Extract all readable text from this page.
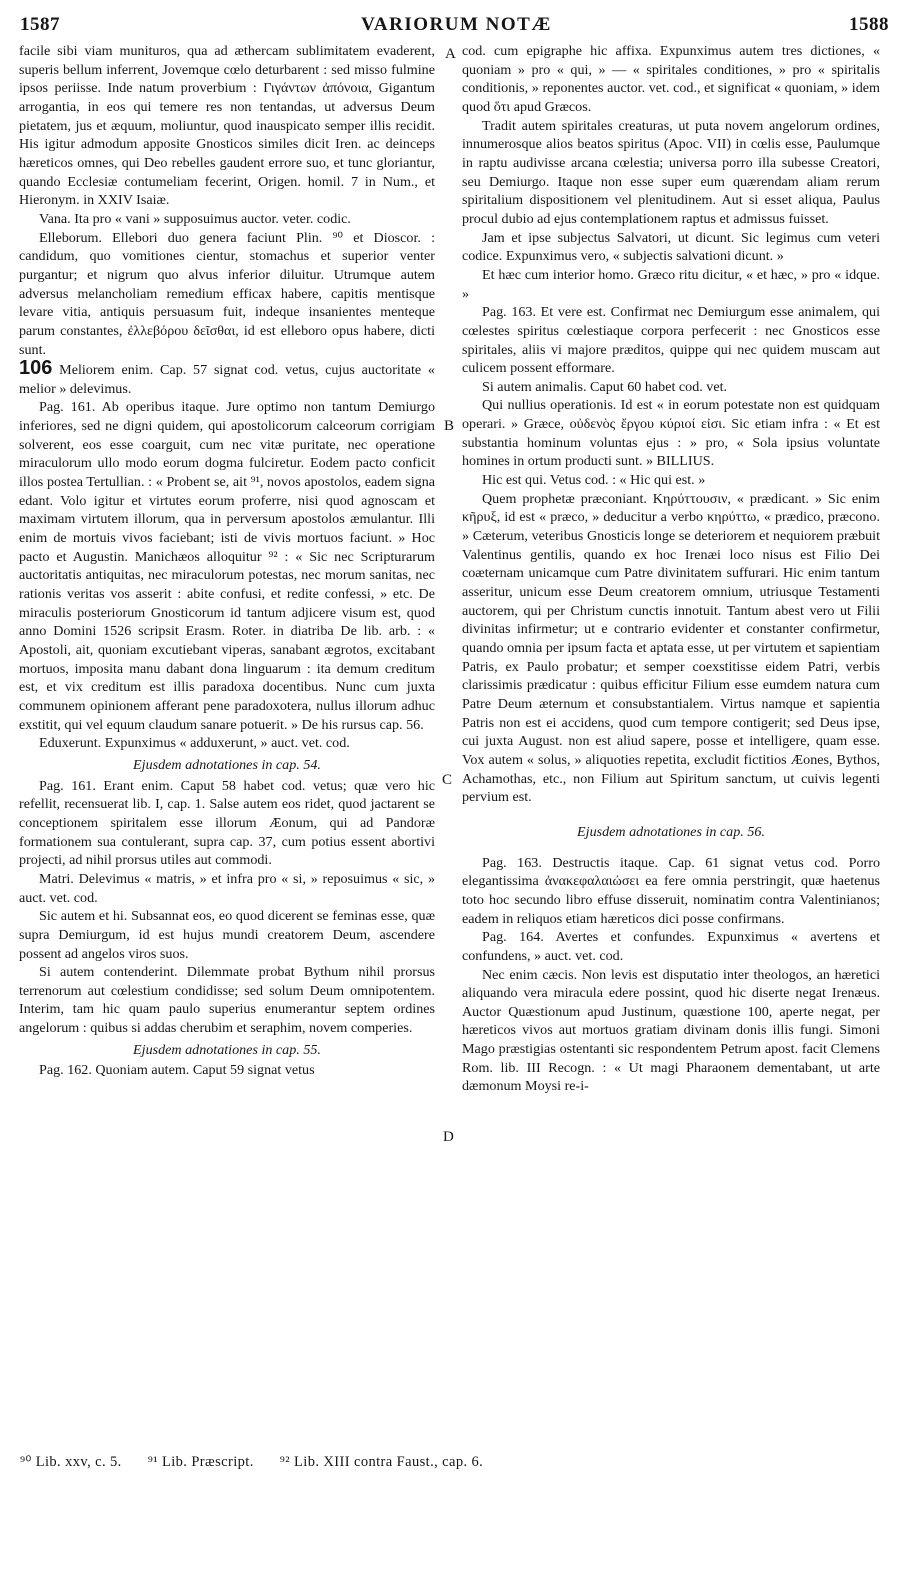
1587	VARIORUM NOTÆ	1588
A
B
C
D

facile sibi viam munituros, qua ad æthercam sublimitatem evaderent, superis bellum inferrent, Jovemque cœlo deturbarent : sed misso fulmine ipsos periisse. Inde natum proverbium : Γιγάντων ἀπόνοια, Gigantum arrogantia, in eos qui temere res non tentandas, ut adversus Deum pietatem, jus et æquum, moliuntur, quod inauspicato semper illis recidit. His igitur admodum apposite Gnosticos similes dicit Iren. ac deinceps hæreticos omnes, qui Deo rebelles gaudent errore suo, et tunc gloriantur, quando Ecclesiæ contumeliam fecerint, Origen. homil. 7 in Num., et Hieronym. in XXIV Isaiæ.

Vana. Ita pro « vani » supposuimus auctor. veter. codic.

Elleborum. Ellebori duo genera faciunt Plin. ⁹⁰ et Dioscor. : candidum, quo vomitiones cientur, stomachus et superior venter purgantur; et nigrum quo alvus inferior diluitur. Utrumque autem adversus melancholiam remedium efficax habere, capitis mentisque levare vitia, antiquis persuasum fuit, indeque insanientes menteque parum constantes, ἐλλεβόρου δεῖσθαι, id est elleboro opus habere, dicti sunt.

106 Meliorem enim. Cap. 57 signat cod. vetus, cujus auctoritate « melior » delevimus.

Pag. 161. Ab operibus itaque. Jure optimo non tantum Demiurgo inferiores, sed ne digni quidem, qui apostolicorum calceorum corrigiam solverent, eos esse coarguit, cum nec vitæ puritate, nec operatione miraculorum ullo modo eorum dogma fulciretur. Eodem pacto conficit illos postea Tertullian. : « Probent se, ait ⁹¹, novos apostolos, eadem signa edant. Volo igitur et virtutes eorum proferre, nisi quod agnoscam et maximam virtutem illorum, qua in perversum apostolos æmulantur. Illi enim de mortuis vivos faciebant; isti de vivis mortuos faciunt. » Hoc pacto et Augustin. Manichæos alloquitur ⁹² : « Sic nec Scripturarum auctoritatis antiquitas, nec miraculorum potestas, nec morum sanitas, nec rationis veritas vos asserit : abite confusi, et redite confessi, » etc. De miraculis posteriorum Gnosticorum id tantum adjicere visum est, quod anno Domini 1526 scripsit Erasm. Roter. in diatriba De lib. arb. : « Apostoli, ait, quoniam excutiebant viperas, sanabant ægrotos, excitabant mortuos, imposita manu dabant dona linguarum : ita demum creditum est, et vix creditum est illis paradoxa docentibus. Nunc cum juxta communem opinionem afferant pene paradoxotera, nullus illorum adhuc exstitit, qui vel equum claudum sanare potuerit. » De his rursus cap. 56.

Eduxerunt. Expunximus « adduxerunt, » auct. vet. cod.

Ejusdem adnotationes in cap. 54.

Pag. 161. Erant enim. Caput 58 habet cod. vetus; quæ vero hic refellit, recensuerat lib. I, cap. 1. Salse autem eos ridet, quod jactarent se conceptionem spiritalem esse illorum Æonum, qui ad Pandoræ formationem sua contulerant, supra cap. 37, cum potius essent abortivi projecti, ad nihil prorsus utiles aut commodi.

Matri. Delevimus « matris, » et infra pro « si, » reposuimus « sic, » auct. vet. cod.

Sic autem et hi. Subsannat eos, eo quod dicerent se feminas esse, quæ supra Demiurgum, id est hujus mundi creatorem Deum, ascendere possent ad angelos viros suos.

Si autem contenderint. Dilemmate probat Bythum nihil prorsus terrenorum aut cœlestium condidisse; sed solum Deum omnipotentem. Interim, tam hic quam paulo superius enumerantur septem ordines angelorum : quibus si addas cherubim et seraphim, novem comperies.

Ejusdem adnotationes in cap. 55.

Pag. 162. Quoniam autem. Caput 59 signat vetus

cod. cum epigraphe hic affixa. Expunximus autem tres dictiones, « quoniam » pro « qui, » — « spiritales conditiones, » pro « spiritalis conditionis, » reponentes auctor. vet. cod., et significat « quoniam, » idem quod ὅτι apud Græcos.

Tradit autem spiritales creaturas, ut puta novem angelorum ordines, innumerosque alios beatos spiritus (Apoc. VII) in cœlis esse, Paulumque in raptu audivisse arcana cœlestia; universa porro illa subesse Creatori, seu Demiurgo. Itaque non esse super eum quærendam aliam rerum spiritalium dispositionem vel plenitudinem. Aut si esset aliqua, Paulus procul dubio ad ejus contemplationem raptus et admissus fuisset.

Jam et ipse subjectus Salvatori, ut dicunt. Sic legimus cum veteri codice. Expunximus vero, « subjectis salvationi dicunt. »

Et hæc cum interior homo. Græco ritu dicitur, « et hæc, » pro « idque. »

Pag. 163. Et vere est. Confirmat nec Demiurgum esse animalem, qui cœlestes spiritus cœlestiaque corpora perfecerit : nec Gnosticos esse spiritales, aliis vi majore præditos, quippe qui nec quidem muscam aut culicem possent efformare.

Si autem animalis. Caput 60 habet cod. vet.

Qui nullius operationis. Id est « in eorum potestate non est quidquam operari. » Græce, οὐδενὸς ἔργου κύριοί εἰσι. Sic etiam infra : « Et est substantia hominum voluntas ejus : » pro, « Sola ipsius voluntate homines in ortum producti sunt. » BILLIUS.

Hic est qui. Vetus cod. : « Hic qui est. »

Quem prophetæ præconiant. Κηρύττουσιν, « prædicant. » Sic enim κῆρυξ, id est « præco, » deducitur a verbo κηρύττω, « prædico, præcono. » Cæterum, veteribus Gnosticis longe se deteriorem et nequiorem præbuit Valentinus gentilis, quando ex hoc Irenæi loco nisus est Filio Dei coæternam unicamque cum Patre divinitatem suffurari. Hic enim tantum asseritur, unicum esse Deum creatorem omnium, utriusque Testamenti auctorem, qui per Christum cunctis innotuit. Tantum abest vero ut Filii divinitas infirmetur; ut e contrario evidenter et constanter confirmetur, quando omnia per ipsum facta et aptata esse, ut per virtutem et sapientiam Patris, ex Paulo probatur; et semper coexstitisse eidem Patri, verbis clarissimis prædicatur : quibus efficitur Filium esse eumdem natura cum Patre Deum æternum et consubstantialem. Virtus namque et sapientia Patris non est ei accidens, quod cum tempore contigerit; sed Deus ipse, cui juxta August. non est aliud sapere, posse et intelligere, quam esse. Vox autem « solus, » aliquoties repetita, excludit fictitios Æones, Bythos, Achamothas, etc., non Filium aut Spiritum sanctum, ut cuivis legenti pervium est.

Ejusdem adnotationes in cap. 56.

Pag. 163. Destructis itaque. Cap. 61 signat vetus cod. Porro elegantissima ἀνακεφαλαιώσει ea fere omnia perstringit, quæ haetenus toto hoc secundo libro effuse disseruit, nominatim contra Valentinianos; eadem in reliquos etiam hæreticos dici posse confirmans.

Pag. 164. Avertes et confundes. Expunximus « avertens et confundens, » auct. vet. cod.

Nec enim cæcis. Non levis est disputatio inter theologos, an hæretici aliquando vera miracula edere possint, quod hic diserte negat Irenæus. Auctor Quæstionum apud Justinum, quæstione 100, aperte negat, per hæreticos vivos aut mortuos gratiam divinam donis illis fungi. Simoni Mago præstigias ostentanti sic respondentem Petrum apost. facit Clemens Rom. lib. III Recogn. : « Ut magi Pharaonem dementabant, ut arte dæmonum Moysi re-i-

⁹⁰ Lib. xxv, c. 5. ⁹¹ Lib. Præscript. ⁹² Lib. XIII contra Faust., cap. 6.
